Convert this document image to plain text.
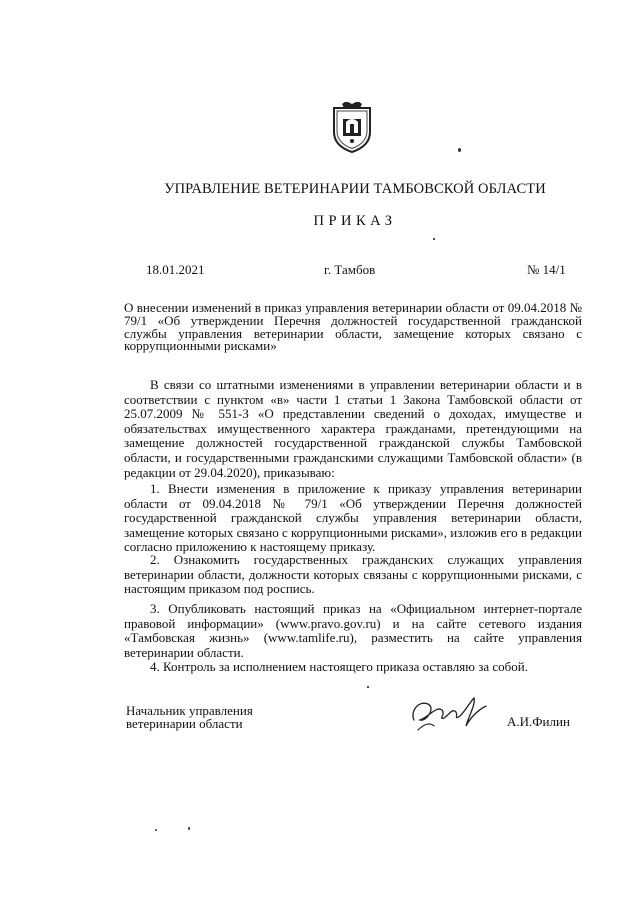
УПРАВЛЕНИЕ ВЕТЕРИНАРИИ ТАМБОВСКОЙ ОБЛАСТИ
ПРИКАЗ
18.01.2021	г. Тамбов	№ 14/1
О внесении изменений в приказ управления ветеринарии области от 09.04.2018 № 79/1 «Об утверждении Перечня должностей государственной гражданской службы управления ветеринарии области, замещение которых связано с коррупционными рисками»
В связи со штатными изменениями в управлении ветеринарии области и в соответствии с пунктом «в» части 1 статьи 1 Закона Тамбовской области от 25.07.2009 № 551-З «О представлении сведений о доходах, имуществе и обязательствах имущественного характера гражданами, претендующими на замещение должностей государственной гражданской службы Тамбовской области, и государственными гражданскими служащими Тамбовской области» (в редакции от 29.04.2020), приказываю:
1. Внести изменения в приложение к приказу управления ветеринарии области от 09.04.2018 № 79/1 «Об утверждении Перечня должностей государственной гражданской службы управления ветеринарии области, замещение которых связано с коррупционными рисками», изложив его в редакции согласно приложению к настоящему приказу.
2. Ознакомить государственных гражданских служащих управления ветеринарии области, должности которых связаны с коррупционными рисками, с настоящим приказом под роспись.
3. Опубликовать настоящий приказ на «Официальном интернет-портале правовой информации» (www.pravo.gov.ru) и на сайте сетевого издания «Тамбовская жизнь» (www.tamlife.ru), разместить на сайте управления ветеринарии области.
4. Контроль за исполнением настоящего приказа оставляю за собой.
Начальник управления
ветеринарии области	А.И.Филин
